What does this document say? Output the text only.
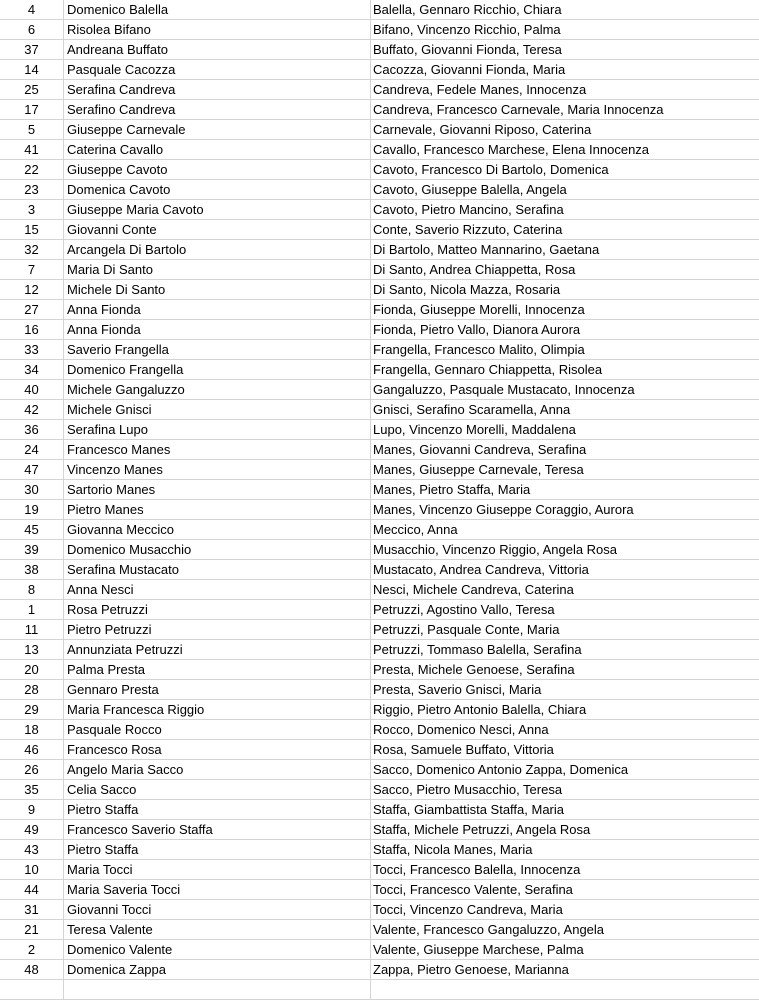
4	Domenico Balella	Balella, Gennaro Ricchio, Chiara
6	Risolea Bifano	Bifano, Vincenzo Ricchio, Palma
37	Andreana Buffato	Buffato, Giovanni Fionda, Teresa
14	Pasquale Cacozza	Cacozza, Giovanni Fionda, Maria
25	Serafina Candreva	Candreva, Fedele Manes, Innocenza
17	Serafino Candreva	Candreva, Francesco Carnevale, Maria Innocenza
5	Giuseppe Carnevale	Carnevale, Giovanni Riposo, Caterina
41	Caterina Cavallo	Cavallo, Francesco Marchese, Elena Innocenza
22	Giuseppe Cavoto	Cavoto, Francesco Di Bartolo, Domenica
23	Domenica Cavoto	Cavoto, Giuseppe Balella, Angela
3	Giuseppe Maria Cavoto	Cavoto, Pietro Mancino, Serafina
15	Giovanni Conte	Conte, Saverio Rizzuto, Caterina
32	Arcangela Di Bartolo	Di Bartolo, Matteo Mannarino, Gaetana
7	Maria Di Santo	Di Santo, Andrea Chiappetta, Rosa
12	Michele Di Santo	Di Santo, Nicola Mazza, Rosaria
27	Anna Fionda	Fionda, Giuseppe Morelli, Innocenza
16	Anna Fionda	Fionda, Pietro Vallo, Dianora Aurora
33	Saverio Frangella	Frangella, Francesco Malito, Olimpia
34	Domenico Frangella	Frangella, Gennaro Chiappetta, Risolea
40	Michele Gangaluzzo	Gangaluzzo, Pasquale Mustacato, Innocenza
42	Michele Gnisci	Gnisci, Serafino Scaramella, Anna
36	Serafina Lupo	Lupo, Vincenzo Morelli, Maddalena
24	Francesco Manes	Manes, Giovanni Candreva, Serafina
47	Vincenzo Manes	Manes, Giuseppe Carnevale, Teresa
30	Sartorio Manes	Manes, Pietro Staffa, Maria
19	Pietro Manes	Manes, Vincenzo Giuseppe Coraggio, Aurora
45	Giovanna Meccico	Meccico, Anna
39	Domenico Musacchio	Musacchio, Vincenzo Riggio, Angela Rosa
38	Serafina Mustacato	Mustacato, Andrea Candreva, Vittoria
8	Anna Nesci	Nesci, Michele Candreva, Caterina
1	Rosa Petruzzi	Petruzzi, Agostino Vallo, Teresa
11	Pietro Petruzzi	Petruzzi, Pasquale Conte, Maria
13	Annunziata Petruzzi	Petruzzi, Tommaso Balella, Serafina
20	Palma Presta	Presta, Michele Genoese, Serafina
28	Gennaro Presta	Presta, Saverio Gnisci, Maria
29	Maria Francesca Riggio	Riggio, Pietro Antonio Balella, Chiara
18	Pasquale Rocco	Rocco, Domenico Nesci, Anna
46	Francesco Rosa	Rosa, Samuele Buffato, Vittoria
26	Angelo Maria Sacco	Sacco, Domenico Antonio Zappa, Domenica
35	Celia Sacco	Sacco, Pietro Musacchio, Teresa
9	Pietro Staffa	Staffa, Giambattista Staffa, Maria
49	Francesco Saverio Staffa	Staffa, Michele Petruzzi, Angela Rosa
43	Pietro Staffa	Staffa, Nicola Manes, Maria
10	Maria Tocci	Tocci, Francesco Balella, Innocenza
44	Maria Saveria Tocci	Tocci, Francesco Valente, Serafina
31	Giovanni Tocci	Tocci, Vincenzo Candreva, Maria
21	Teresa Valente	Valente, Francesco Gangaluzzo, Angela
2	Domenico Valente	Valente, Giuseppe Marchese, Palma
48	Domenica Zappa	Zappa, Pietro Genoese, Marianna
